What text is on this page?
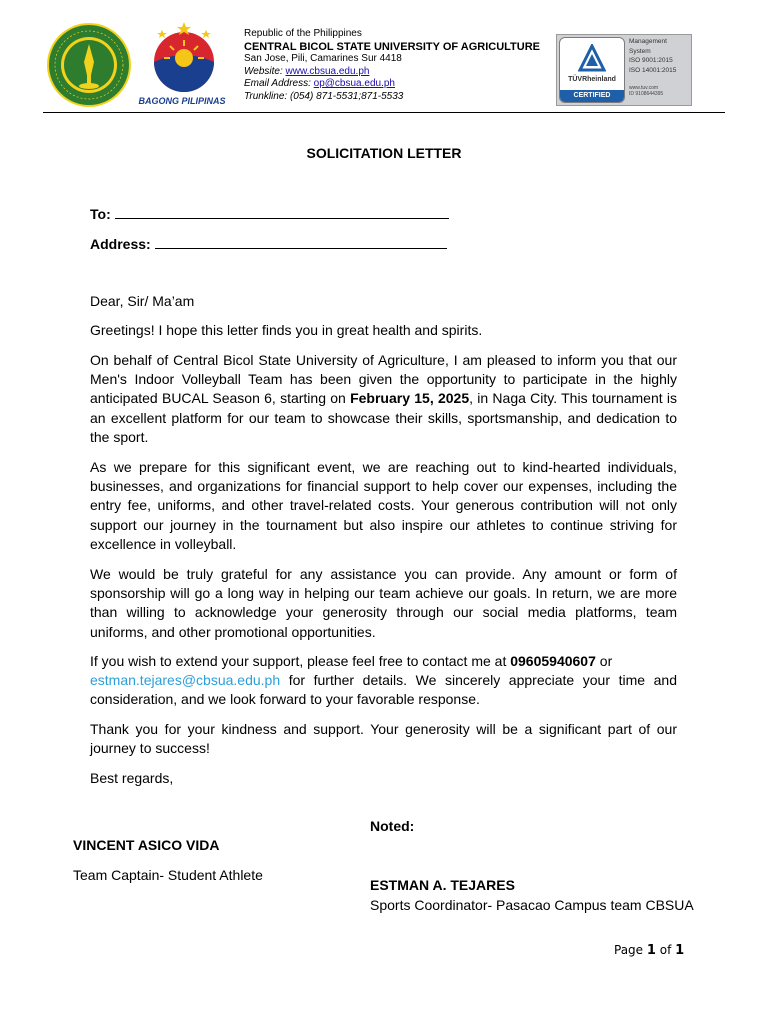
BAGONG PILIPINAS
Republic of the Philippines
CENTRAL BICOL STATE UNIVERSITY OF AGRICULTURE
San Jose, Pili, Camarines Sur 4418
Website: www.cbsua.edu.ph
Email Address: op@cbsua.edu.ph
Trunkline: (054) 871-5531;871-5533
TÜVRheinland
CERTIFIED
Management
System
ISO 9001:2015
ISO 14001:2015
www.tuv.com
ID 9108644395
SOLICITATION LETTER
To:
Address:
Dear, Sir/ Ma’am
Greetings! I hope this letter finds you in great health and spirits.
On behalf of Central Bicol State University of Agriculture, I am pleased to inform you that our Men's Indoor Volleyball Team has been given the opportunity to participate in the highly anticipated BUCAL Season 6, starting on February 15, 2025, in Naga City. This tournament is an excellent platform for our team to showcase their skills, sportsmanship, and dedication to the sport.
As we prepare for this significant event, we are reaching out to kind-hearted individuals, businesses, and organizations for financial support to help cover our expenses, including the entry fee, uniforms, and other travel-related costs. Your generous contribution will not only support our journey in the tournament but also inspire our athletes to continue striving for excellence in volleyball.
We would be truly grateful for any assistance you can provide. Any amount or form of sponsorship will go a long way in helping our team achieve our goals. In return, we are more than willing to acknowledge your generosity through our social media platforms, team uniforms, and other promotional opportunities.
If you wish to extend your support, please feel free to contact me at 09605940607 or
estman.tejares@cbsua.edu.ph for further details. We sincerely appreciate your time and consideration, and we look forward to your favorable response.
Thank you for your kindness and support. Your generosity will be a significant part of our journey to success!
Best regards,
Noted:
VINCENT ASICO VIDA
Team Captain- Student Athlete
ESTMAN A. TEJARES
Sports Coordinator- Pasacao Campus team CBSUA
Page 1 of 1
